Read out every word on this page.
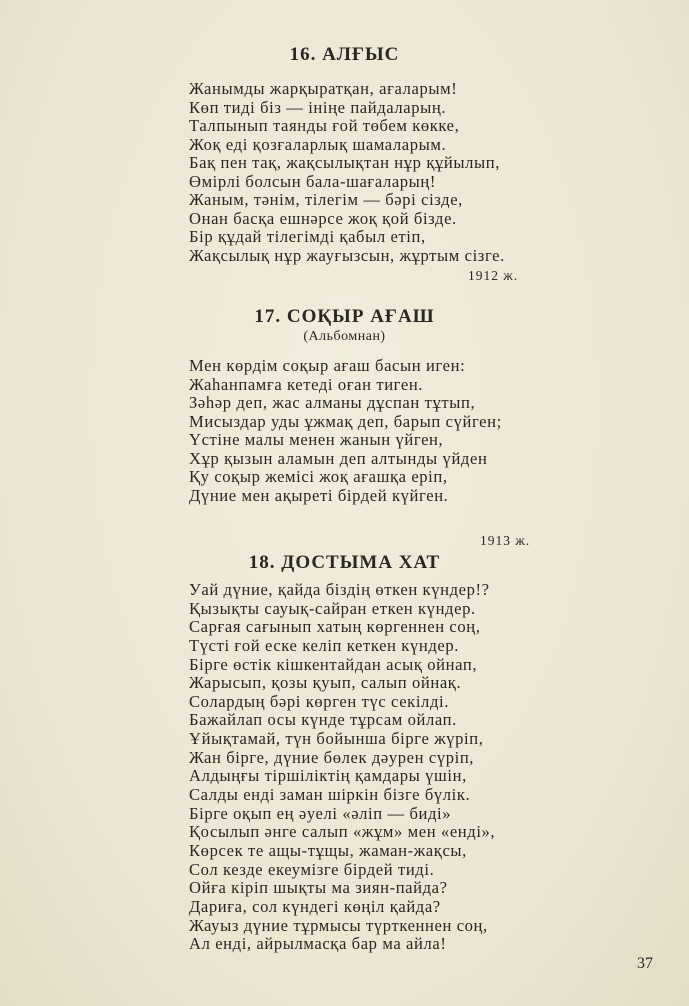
16. АЛҒЫС
Жанымды жарқыратқан, ағаларым!
Көп тиді біз — ініңе пайдаларың.
Талпынып таянды ғой төбем көкке,
Жоқ еді қозғаларлық шамаларым.
Бақ пен тақ, жақсылықтан нұр құйылып,
Өмірлі болсын бала-шағаларың!
Жаным, тәнім, тілегім — бәрі сізде,
Онан басқа ешнәрсе жоқ қой бізде.
Бір құдай тілегімді қабыл етіп,
Жақсылық нұр жауғызсын, жұртым сізге.

1912 ж.

17. СОҚЫР АҒАШ

(Альбомнан)

Мен көрдім соқыр ағаш басын иген:
Жаһанпамға кетеді оған тиген.
Зәһәр деп, жас алманы дұспан тұтып,
Мисыздар уды ұжмақ деп, барып сүйген;
Үстіне малы менен жанын үйген,
Хұр қызын аламын деп алтынды үйден
Қу соқыр жемісі жоқ ағашқа еріп,
Дүние мен ақыреті бірдей күйген.

1913 ж.

18. ДОСТЫМА ХАТ
Уай дүние, қайда біздің өткен күндер!?
Қызықты сауық-сайран еткен күндер.
Сарғая сағынып хатың көргеннен соң,
Түсті ғой еске келіп кеткен күндер.
Бірге өстік кішкентайдан асық ойнап,
Жарысып, қозы қуып, салып ойнақ.
Солардың бәрі көрген түс секілді.
Бажайлап осы күнде тұрсам ойлап.
Ұйықтамай, түн бойынша бірге жүріп,
Жан бірге, дүние бөлек дәурен сүріп,
Алдыңғы тіршіліктің қамдары үшін,
Салды енді заман шіркін бізге бүлік.
Бірге оқып ең әуелі «әліп — биді»
Қосылып әнге салып «жұм» мен «енді»,
Көрсек те ащы-тұщы, жаман-жақсы,
Сол кезде екеумізге бірдей тиді.
Ойға кіріп шықты ма зиян-пайда?
Дариға, сол күндегі көңіл қайда?
Жауыз дүние тұрмысы түрткеннен соң,
Ал енді, айрылмасқа бар ма айла!

37
